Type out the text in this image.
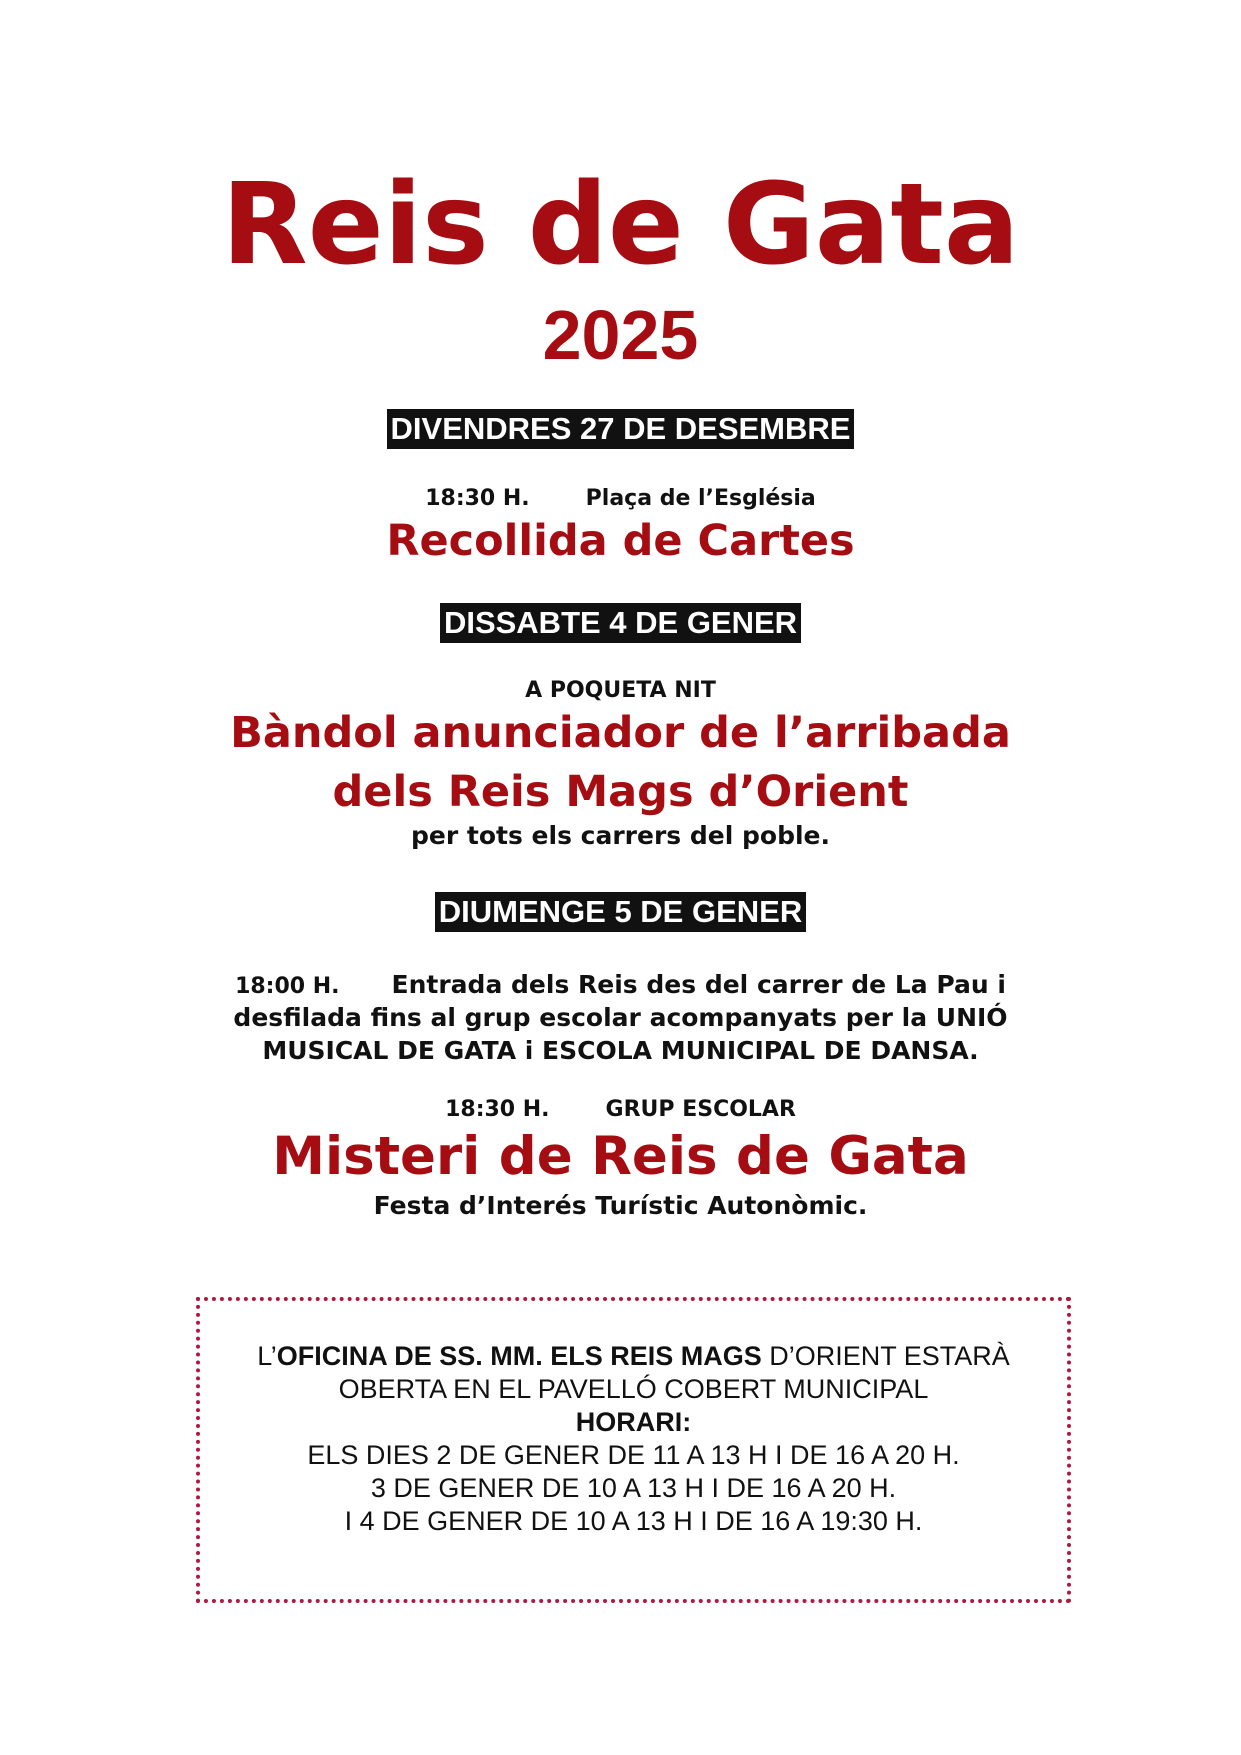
Reis de Gata
2025
DIVENDRES 27 DE DESEMBRE
18:30 H.	Plaça de l’Església
Recollida de Cartes
DISSABTE 4 DE GENER
A POQUETA NIT
Bàndol anunciador de l’arribada
dels Reis Mags d’Orient
per tots els carrers del poble.
DIUMENGE 5 DE GENER
18:00 H. Entrada dels Reis des del carrer de La Pau i
desfilada fins al grup escolar acompanyats per la UNIÓ
MUSICAL DE GATA i ESCOLA MUNICIPAL DE DANSA.
18:30 H.	GRUP ESCOLAR
Misteri de Reis de Gata
Festa d’Interés Turístic Autonòmic.
L’OFICINA DE SS. MM. ELS REIS MAGS D’ORIENT ESTARÀ
OBERTA EN EL PAVELLÓ COBERT MUNICIPAL
HORARI:
ELS DIES 2 DE GENER DE 11 A 13 H I DE 16 A 20 H.
3 DE GENER DE 10 A 13 H I DE 16 A 20 H.
I 4 DE GENER DE 10 A 13 H I DE 16 A 19:30 H.
